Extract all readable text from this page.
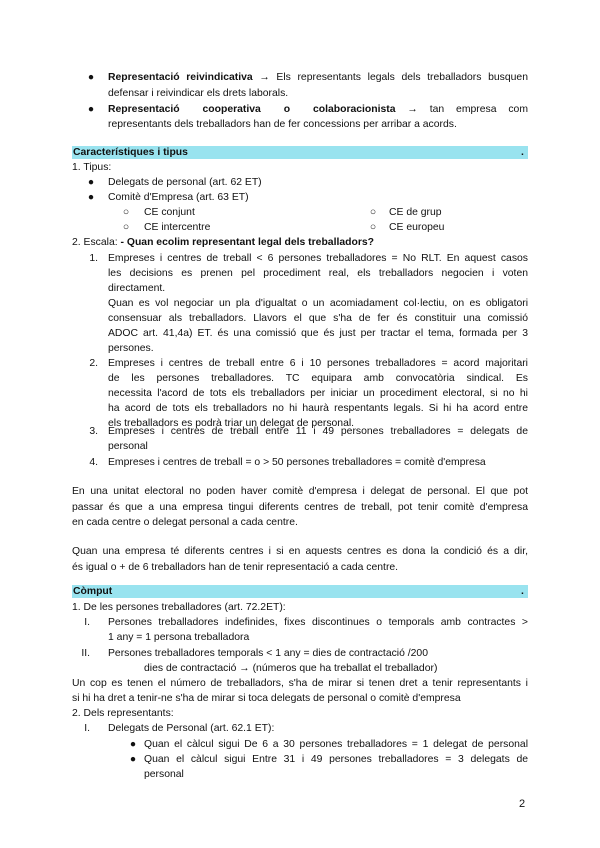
● Representació reivindicativa → Els representants legals dels treballadors busquen
defensar i reivindicar els drets laborals.
● Representació cooperativa o colaboracionista → tan empresa com
representants dels treballadors han de fer concessions per arribar a acords.
Característiques i tipus	.
1. Tipus:
● Delegats de personal (art. 62 ET)
● Comitè d'Empresa (art. 63 ET)
○ CE conjunt	○ CE de grup
○ CE intercentre	○ CE europeu
2. Escala: - Quan ecolim representant legal dels treballadors?
1. Empreses i centres de treball < 6 persones treballadores = No RLT. En aquest casos
les decisions es prenen pel procediment real, els treballadors negocien i voten
directament.
Quan es vol negociar un pla d'igualtat o un acomiadament col·lectiu, on es obligatori
consensuar als treballadors. Llavors el que s'ha de fer és constituir una comissió
ADOC art. 41,4a) ET. és una comissió que és just per tractar el tema, formada per 3
persones.
2. Empreses i centres de treball entre 6 i 10 persones treballadores = acord majoritari
de les persones treballadores. TC equipara amb convocatòria sindical. Es
necessita l'acord de tots els treballadors per iniciar un procediment electoral, si no hi
ha acord de tots els treballadors no hi haurà respentants legals. Si hi ha acord entre
els treballadors es podrà triar un delegat de personal.
3. Empreses i centres de treball entre 11 i 49 persones treballadores = delegats de
personal
4. Empreses i centres de treball = o > 50 persones treballadores = comitè d'empresa
En una unitat electoral no poden haver comitè d'empresa i delegat de personal. El que pot
passar és que a una empresa tingui diferents centres de treball, pot tenir comitè d'empresa
en cada centre o delegat personal a cada centre.
Quan una empresa té diferents centres i si en aquests centres es dona la condició és a dir,
és igual o + de 6 treballadors han de tenir representació a cada centre.
Còmput	.
1. De les persones treballadores (art. 72.2ET):
I. Persones treballadores indefinides, fixes discontinues o temporals amb contractes >
1 any = 1 persona treballadora
II. Persones treballadores temporals < 1 any = dies de contractació /200
dies de contractació → (números que ha treballat el treballador)
Un cop es tenen el número de treballadors, s'ha de mirar si tenen dret a tenir representants i
si hi ha dret a tenir-ne s'ha de mirar si toca delegats de personal o comitè d'empresa
2. Dels representants:
I. Delegats de Personal (art. 62.1 ET):
● Quan el càlcul sigui De 6 a 30 persones treballadores = 1 delegat de personal
● Quan el càlcul sigui Entre 31 i 49 persones treballadores = 3 delegats de
personal
2
